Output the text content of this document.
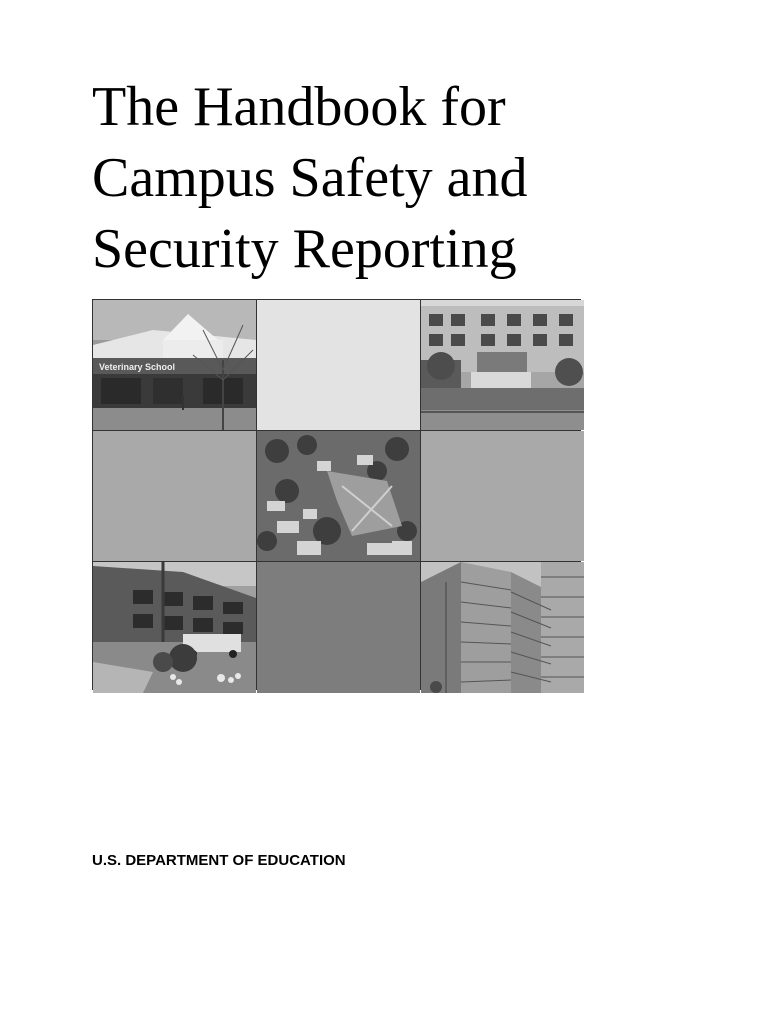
The Handbook for
Campus Safety and
Security Reporting
Veterinary School

U.S. DEPARTMENT OF EDUCATION
